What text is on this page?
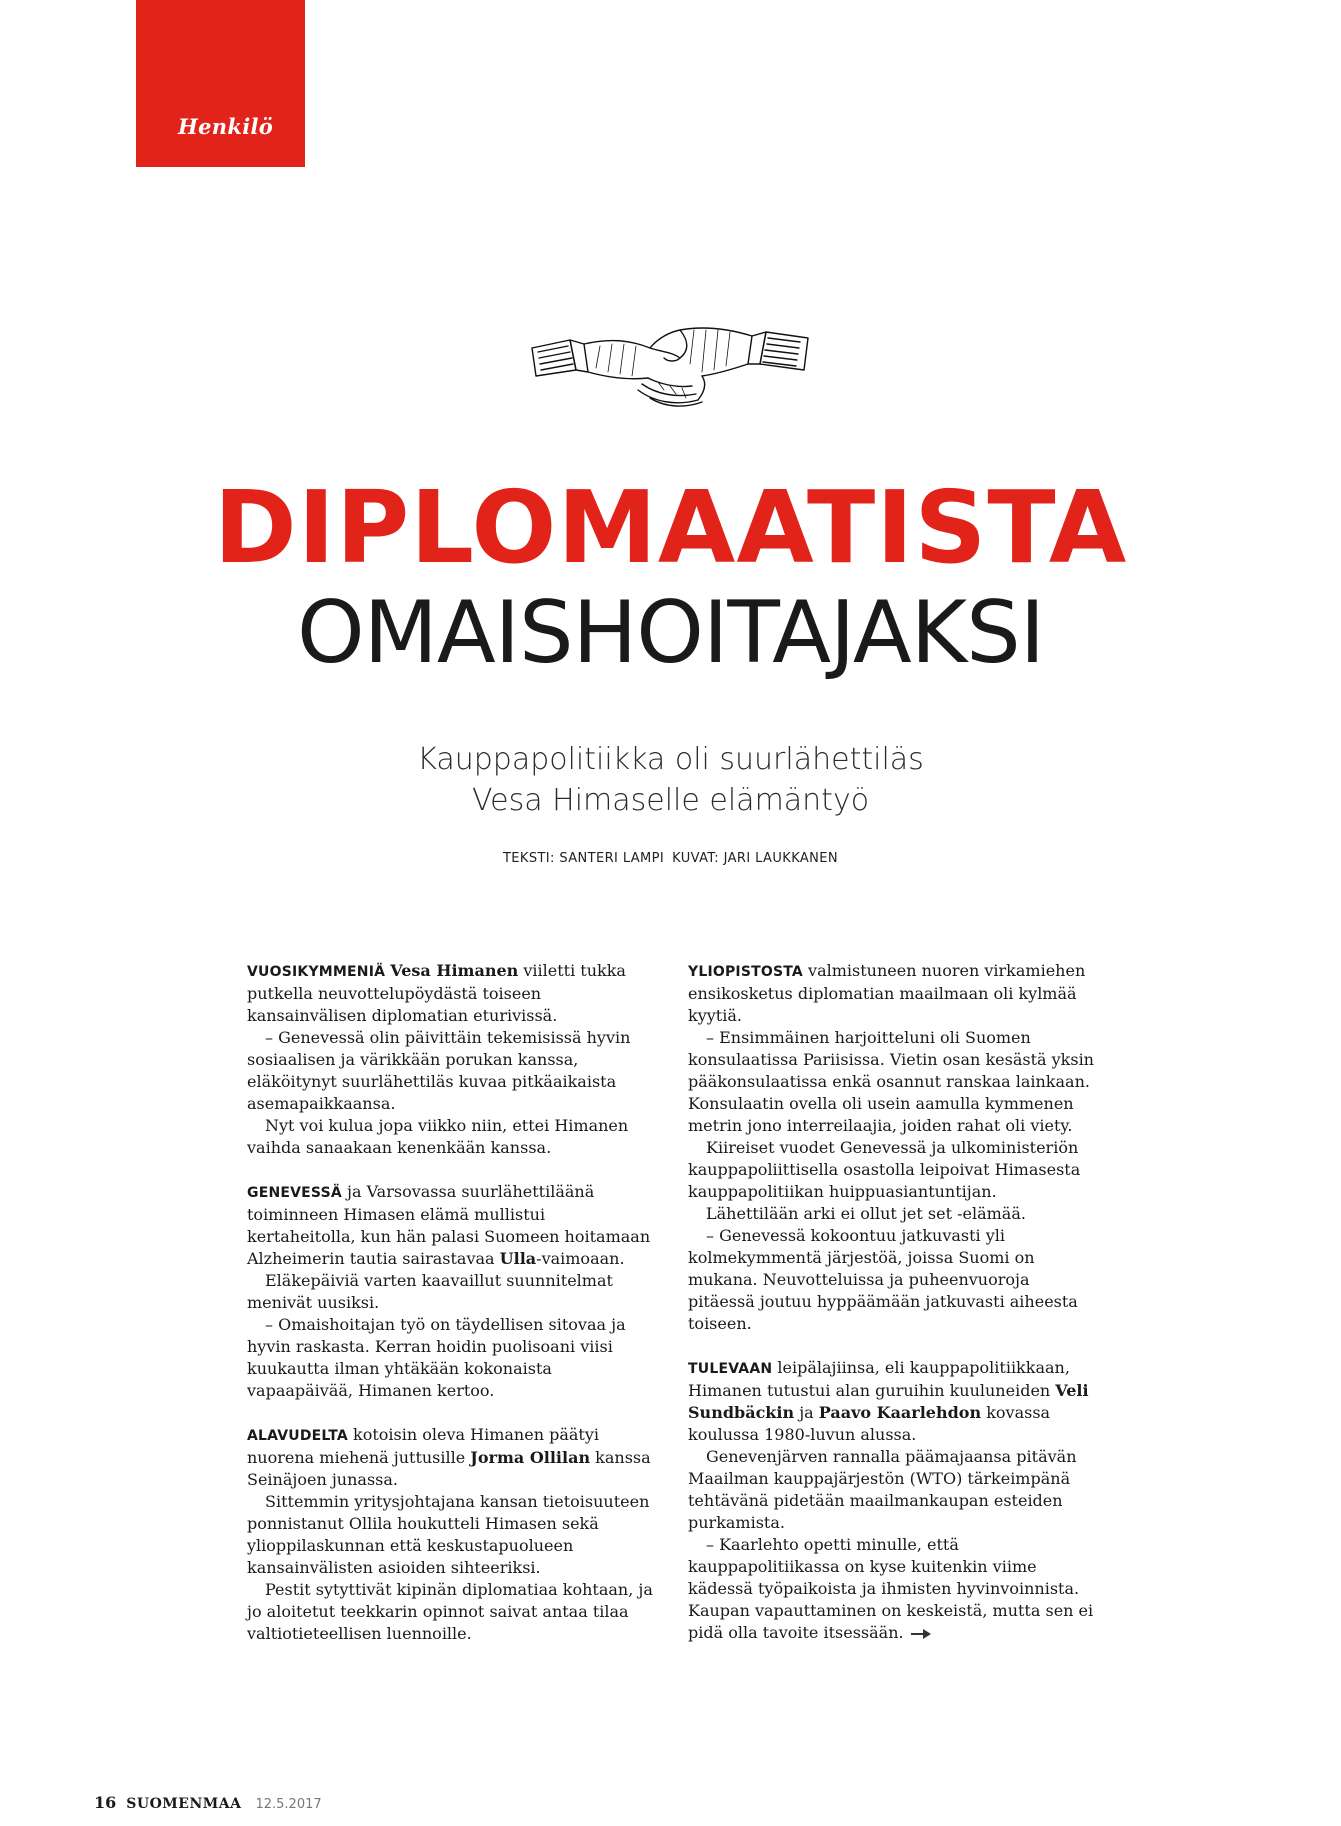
Henkilö
DIPLOMAATISTA
OMAISHOITAJAKSI
Kauppapolitiikka oli suurlähettiläs
Vesa Himaselle elämäntyö
TEKSTI: SANTERI LAMPI KUVAT: JARI LAUKKANEN

VUOSIKYMMENIÄ Vesa Himanen viiletti tukka putkella neuvottelupöydästä toiseen kansainvälisen diplomatian eturivissä.

– Genevessä olin päivittäin tekemisissä hyvin sosiaalisen ja värikkään porukan kanssa, eläköitynyt suurlähettiläs kuvaa pitkäaikaista asemapaikkaansa.

Nyt voi kulua jopa viikko niin, ettei Himanen vaihda sanaakaan kenenkään kanssa.

GENEVESSÄ ja Varsovassa suurlähettiläänä toiminneen Himasen elämä mullistui kertaheitolla, kun hän palasi Suomeen hoitamaan Alzheimerin tautia sairastavaa Ulla-vaimoaan.

Eläkepäiviä varten kaavaillut suunnitelmat menivät uusiksi.

– Omaishoitajan työ on täydellisen sitovaa ja hyvin raskasta. Kerran hoidin puolisoani viisi kuukautta ilman yhtäkään kokonaista vapaapäivää, Himanen kertoo.

ALAVUDELTA kotoisin oleva Himanen päätyi nuorena miehenä juttusille Jorma Ollilan kanssa Seinäjoen junassa.

Sittemmin yritysjohtajana kansan tietoisuuteen ponnistanut Ollila houkutteli Himasen sekä ylioppilaskunnan että keskustapuolueen kansainvälisten asioiden sihteeriksi.

Pestit sytyttivät kipinän diplomatiaa kohtaan, ja jo aloitetut teekkarin opinnot saivat antaa tilaa valtiotieteellisen luennoille.

YLIOPISTOSTA valmistuneen nuoren virkamiehen ensikosketus diplomatian maailmaan oli kylmää kyytiä.

– Ensimmäinen harjoitteluni oli Suomen konsulaatissa Pariisissa. Vietin osan kesästä yksin pääkonsulaatissa enkä osannut ranskaa lainkaan. Konsulaatin ovella oli usein aamulla kymmenen metrin jono interreilaajia, joiden rahat oli viety.

Kiireiset vuodet Genevessä ja ulkoministeriön kauppapoliittisella osastolla leipoivat Himasesta kauppapolitiikan huippuasiantuntijan.

Lähettilään arki ei ollut jet set -elämää.

– Genevessä kokoontuu jatkuvasti yli kolmekymmentä järjestöä, joissa Suomi on mukana. Neuvotteluissa ja puheenvuoroja pitäessä joutuu hyppäämään jatkuvasti aiheesta toiseen.

TULEVAAN leipälajiinsa, eli kauppapolitiikkaan, Himanen tutustui alan guruihin kuuluneiden Veli Sundbäckin ja Paavo Kaarlehdon kovassa koulussa 1980-luvun alussa.

Genevenjärven rannalla päämajaansa pitävän Maailman kauppajärjestön (WTO) tärkeimpänä tehtävänä pidetään maailmankaupan esteiden purkamista.

– Kaarlehto opetti minulle, että kauppapolitiikassa on kyse kuitenkin viime kädessä työpaikoista ja ihmisten hyvinvoinnista. Kaupan vapauttaminen on keskeistä, mutta sen ei pidä olla tavoite itsessään.

16 SUOMENMAA 12.5.2017
